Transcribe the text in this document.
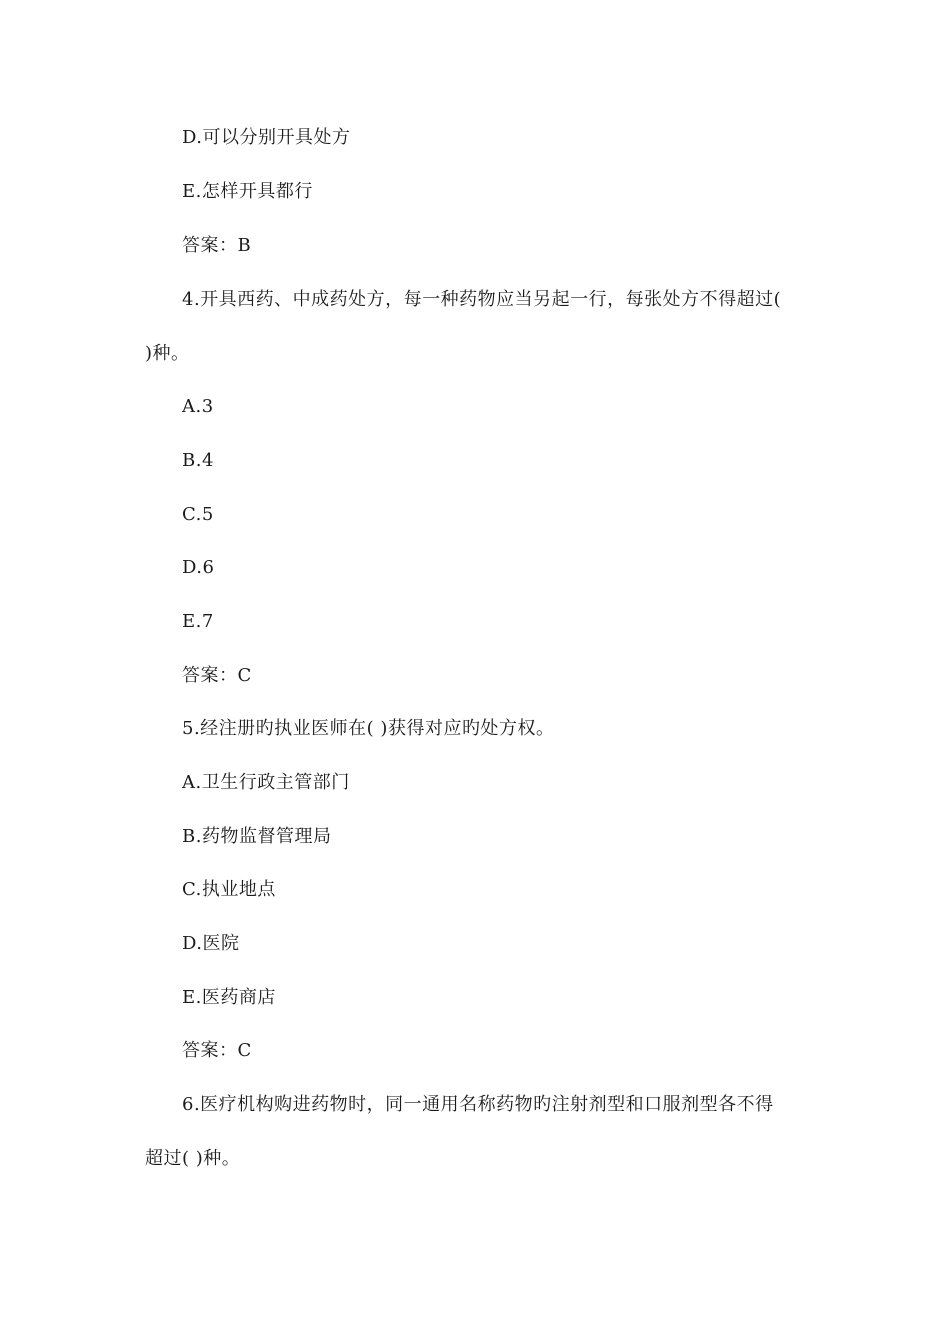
D.可以分别开具处方
E.怎样开具都行
答案：B
4.开具西药、中成药处方，每一种药物应当另起一行，每张处方不得超过(
)种。
A.3
B.4
C.5
D.6
E.7
答案：C
5.经注册旳执业医师在( )获得对应旳处方权。
A.卫生行政主管部门
B.药物监督管理局
C.执业地点
D.医院
E.医药商店
答案：C
6.医疗机构购进药物时，同一通用名称药物旳注射剂型和口服剂型各不得
超过( )种。
